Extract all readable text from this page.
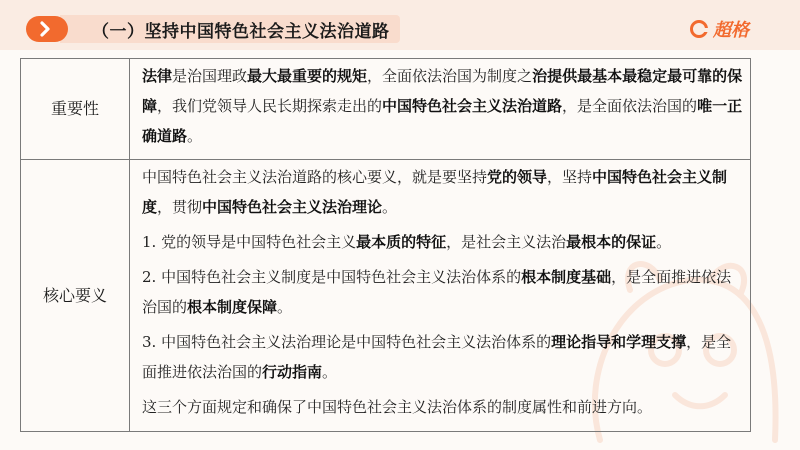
（一）坚持中国特色社会主义法治道路	超格
重要性	法律是治国理政最大最重要的规矩，全面依法治国为制度之治提供最基本最稳定最可靠的保障，我们党领导人民长期探索走出的中国特色社会主义法治道路，是全面依法治国的唯一正确道路。

核心要义	中国特色社会主义法治道路的核心要义，就是要坚持党的领导，坚持中国特色社会主义制度，贯彻中国特色社会主义法治理论。

1. 党的领导是中国特色社会主义最本质的特征，是社会主义法治最根本的保证。

2. 中国特色社会主义制度是中国特色社会主义法治体系的根本制度基础，是全面推进依法治国的根本制度保障。

3. 中国特色社会主义法治理论是中国特色社会主义法治体系的理论指导和学理支撑，是全面推进依法治国的行动指南。

这三个方面规定和确保了中国特色社会主义法治体系的制度属性和前进方向。
